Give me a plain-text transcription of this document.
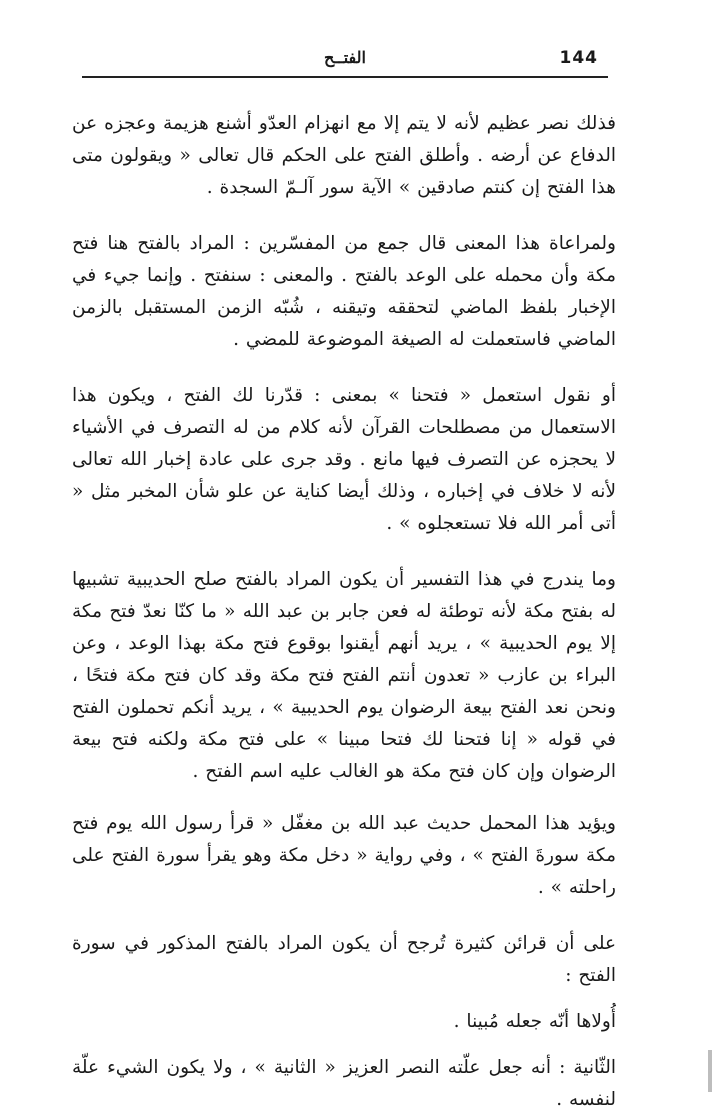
144
الفتــح

فذلك نصر عظيم لأنه لا يتم إلا مع انهزام العدّو أشنع هزيمة وعجزه عن الدفاع عن أرضه . وأطلق الفتح على الحكم قال تعالى « ويقولون متى هذا الفتح إن كنتم صادقين » الآية سور آلـمّ السجدة .

ولمراعاة هذا المعنى قال جمع من المفسّرين : المراد بالفتح هنا فتح مكة وأن محمله على الوعد بالفتح . والمعنى : سنفتح . وإنما جيء في الإخبار بلفظ الماضي لتحققه وتيقنه ، شُبّه الزمن المستقبل بالزمن الماضي فاستعملت له الصيغة الموضوعة للمضي .

أو نقول استعمل « فتحنا » بمعنى : قدّرنا لك الفتح ، ويكون هذا الاستعمال من مصطلحات القرآن لأنه كلام من له التصرف في الأشياء لا يحجزه عن التصرف فيها مانع . وقد جرى على عادة إخبار الله تعالى لأنه لا خلاف في إخباره ، وذلك أيضا كناية عن علو شأن المخبر مثل « أتى أمر الله فلا تستعجلوه » .

وما يندرج في هذا التفسير أن يكون المراد بالفتح صلح الحديبية تشبيها له بفتح مكة لأنه توطئة له فعن جابر بن عبد الله « ما كنّا نعدّ فتح مكة إلا يوم الحديبية » ، يريد أنهم أيقنوا بوقوع فتح مكة بهذا الوعد ، وعن البراء بن عازب « تعدون أنتم الفتح فتح مكة وقد كان فتح مكة فتحًا ، ونحن نعد الفتح بيعة الرضوان يوم الحديبية » ، يريد أنكم تحملون الفتح في قوله « إنا فتحنا لك فتحا مبينا » على فتح مكة ولكنه فتح بيعة الرضوان وإن كان فتح مكة هو الغالب عليه اسم الفتح .

ويؤيد هذا المحمل حديث عبد الله بن مغفّل « قرأ رسول الله يوم فتح مكة سورةَ الفتح » ، وفي رواية « دخل مكة وهو يقرأ سورة الفتح على راحلته » .

على أن قرائن كثيرة تُرجح أن يكون المراد بالفتح المذكور في سورة الفتح :

أُولاها أنّه جعله مُبينا .

الثّانية : أنه جعل علّته النصر العزيز « الثانية » ، ولا يكون الشيء علّة لنفسه .
